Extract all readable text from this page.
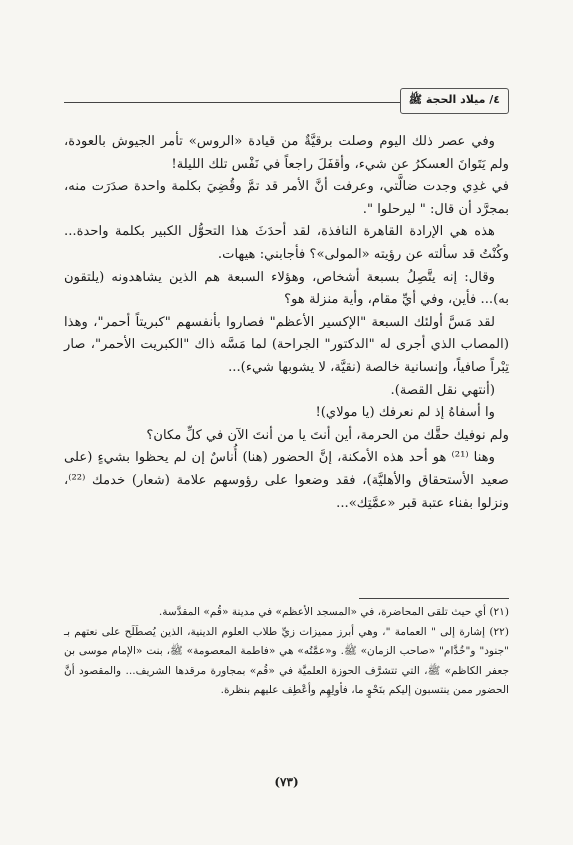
٤/ ميلاد الحجة ﷺ

وفي عصر ذلك اليوم وصلت برقيَّةٌ من قيادة «الروس» تأمر الجيوش بالعودة، ولم يَتَوانَ العسكرُ عن شيء، وأقفَلَ راجعاً في نَفْس تلك الليلة!

في غدِي وجدت ضالَّتي، وعرفت أنَّ الأمر قد تمَّ وقُضِيَ بكلمة واحدة صدَرَت منه، بمجرَّد أن قال: " ليرحلوا ".

هذه هي الإرادة القاهرة النافذة، لقد أحدَثَ هذا التحوُّل الكبير بكلمة واحدة... وكُنْتُ قد سألته عن رؤيته «المولى»؟ فأجابني: هيهات.

وقال: إنه يتَّصِلُ بسبعة أشخاص، وهؤلاء السبعة هم الذين يشاهدونه (يلتقون به)... فأين، وفي أيِّ مقام، وأية منزلة هو؟

لقد مَسَّ أولئك السبعة "الإكسير الأعظم" فصاروا بأنفسهم "كبريتاً أحمر"، وهذا (المصاب الذي أجرى له "الدكتور" الجراحة) لما مَسَّه ذاك "الكبريت الأحمر"، صار تِبْراً صافياً، وإنسانية خالصة (نقيَّة، لا يشوبها شيء)...

(أنتهي نقل القصة).

وا أسفاهُ إذ لم نعرفك (يا مولاي)!

ولم نوفيك حقَّك من الحرمة، أين أنتَ يا من أنتَ الآن في كلِّ مكان؟

وهنا ⁽²¹⁾ هو أحد هذه الأمكنة، إنَّ الحضور (هنا) أُناسٌ إن لم يحظوا بشيءٍ (على صعيد الأستحقاق والأهليَّة)، فقد وضعوا على رؤوسهم علامة (شعار) خدمك ⁽²²⁾، ونزلوا بفناء عتبة قبر «عمَّتِك»...

(٢١) أي حيث تلقى المحاضرة، في «المسجد الأعظم» في مدينة «قُم» المقدَّسة.

(٢٢) إشارة إلى " العمامة "، وهي أبرز مميزات زيِّ طلاب العلوم الدينية، الذين يُصطَلَح على نعتهم بـ "جنود" و"خُدَّام" «صاحب الزمان» ﷺ. و«عمَّتُه» هي «فاطمة المعصومة» ﷺ، بنت «الإمام موسى بن جعفر الكاظم» ﷺ، التي تتشرَّف الحوزة العلميَّة في «قُم» بمجاورة مرقدها الشريف... والمقصود أنَّ الحضور ممن ينتسبون إليكم بنَحْوٍ ما، فأولِهِم وأعْطِف عليهم بنظرة.

(٧٣)
